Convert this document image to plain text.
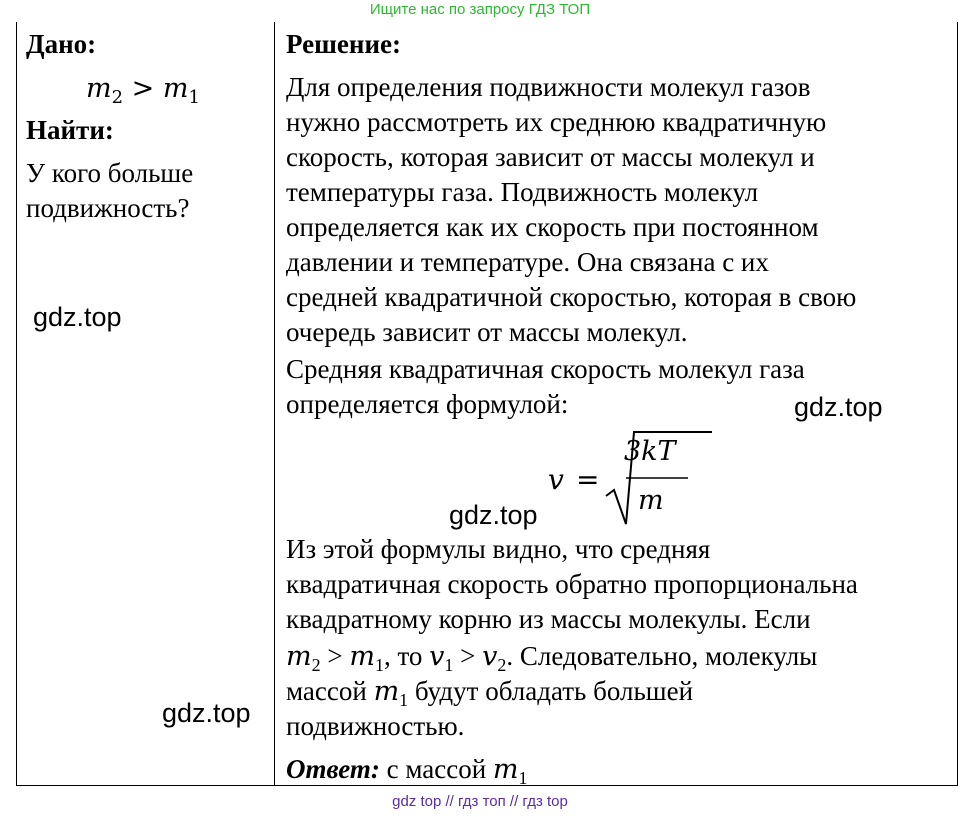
Ищите нас по запросу ГДЗ ТОП
Дано:
$m_2 > m_1$
Найти:
У кого больше
подвижность?
Решение:
Для определения подвижности молекул газов
нужно рассмотреть их среднюю квадратичную
скорость, которая зависит от массы молекул и
температуры газа. Подвижность молекул
определяется как их скорость при постоянном
давлении и температуре. Она связана с их
средней квадратичной скоростью, которая в свою
очередь зависит от массы молекул.
Средняя квадратичная скорость молекул газа
определяется формулой:
v =
3kT
m
Из этой формулы видно, что средняя
квадратичная скорость обратно пропорциональна
квадратному корню из массы молекулы. Если
$m_2 > m_1$, то $v_1 > v_2$. Следовательно, молекулы
массой $m_1$ будут обладать большей
подвижностью.
Ответ: с массой $m_1$
gdz.top
gdz.top
gdz.top
gdz.top
gdz top // гдз топ // гдз top
